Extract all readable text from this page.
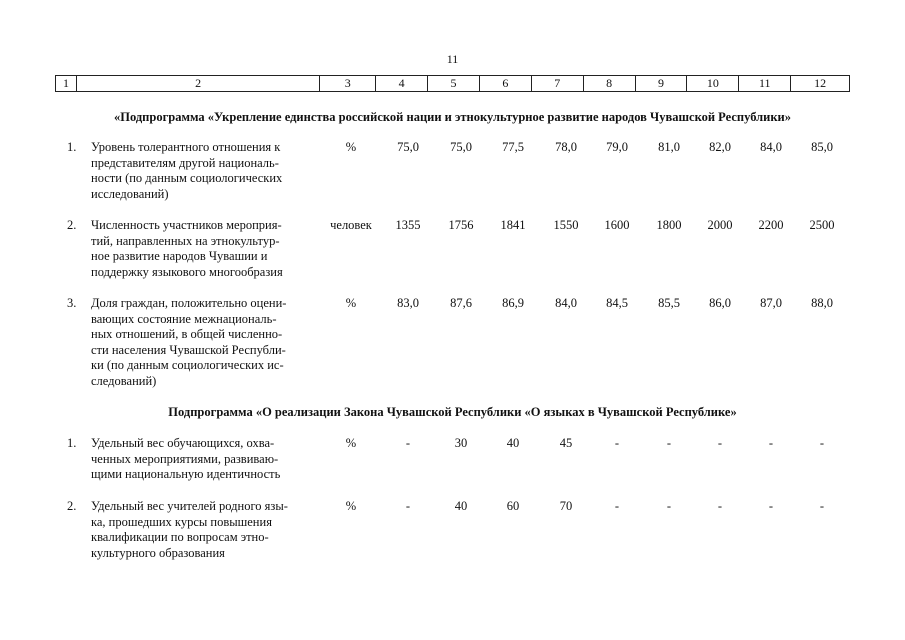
11
1	2	3	4	5	6	7	8	9	10	11	12
«Подпрограмма «Укрепление единства российской нации и этнокультурное развитие народов Чувашской Республики»
1. Уровень толерантного отношения к
представителям другой националь-
ности (по данным социологических
исследований)
%	75,0	75,0	77,5	78,0	79,0	81,0	82,0	84,0	85,0
2. Численность участников мероприя-
тий, направленных на этнокультур-
ное развитие народов Чувашии и
поддержку языкового многообразия
человек	1355	1756	1841	1550	1600	1800	2000	2200	2500
3. Доля граждан, положительно оцени-
вающих состояние межнациональ-
ных отношений, в общей численно-
сти населения Чувашской Республи-
ки (по данным социологических ис-
следований)
%	83,0	87,6	86,9	84,0	84,5	85,5	86,0	87,0	88,0
Подпрограмма «О реализации Закона Чувашской Республики «О языках в Чувашской Республике»
1. Удельный вес обучающихся, охва-
ченных мероприятиями, развиваю-
щими национальную идентичность
%	-	30	40	45	-	-	-	-	-
2. Удельный вес учителей родного язы-
ка, прошедших курсы повышения
квалификации по вопросам этно-
культурного образования
%	-	40	60	70	-	-	-	-	-
